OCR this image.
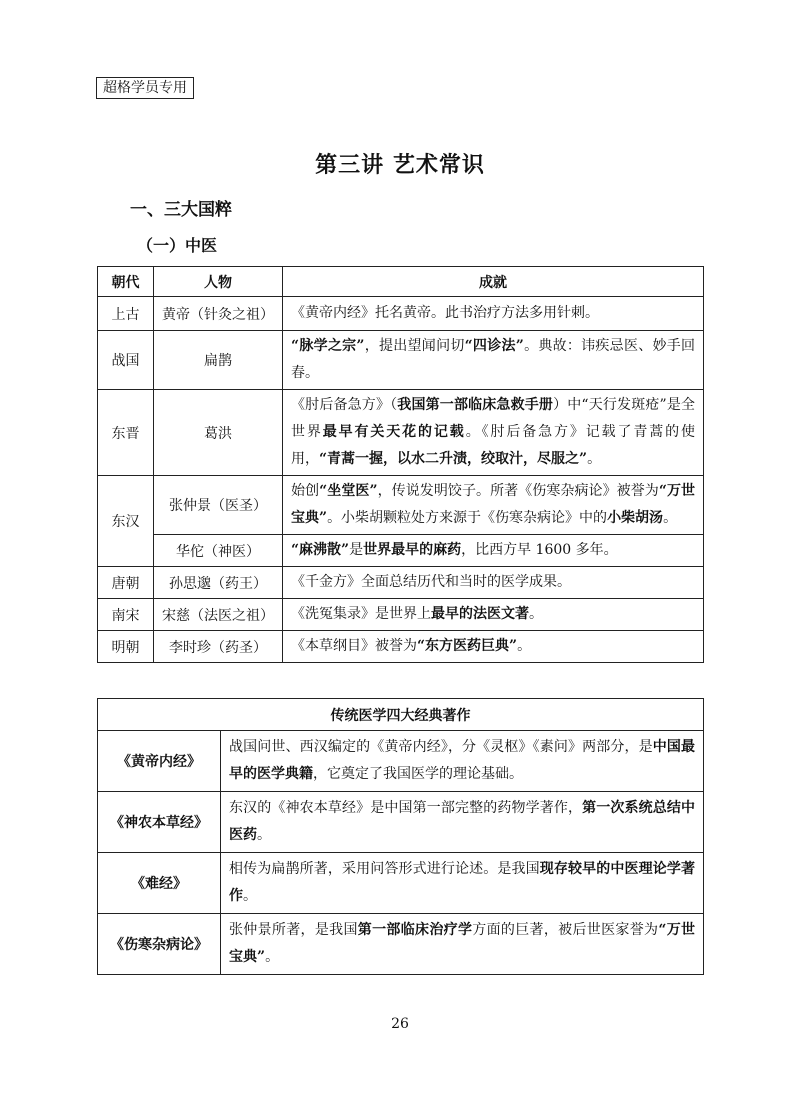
超格学员专用
第三讲 艺术常识
一、三大国粹
（一）中医
朝代	人物	成就
上古	黄帝（针灸之祖）	《黄帝内经》托名黄帝。此书治疗方法多用针刺。
战国	扁鹊	“脉学之宗”，提出望闻问切“四诊法”。典故：讳疾忌医、妙手回春。
东晋	葛洪	《肘后备急方》（我国第一部临床急救手册）中“天行发斑疮”是全世界最早有关天花的记载。《肘后备急方》记载了青蒿的使用，“青蒿一握，以水二升渍，绞取汁，尽服之”。
东汉	张仲景（医圣）	始创“坐堂医”，传说发明饺子。所著《伤寒杂病论》被誉为“万世宝典”。小柴胡颗粒处方来源于《伤寒杂病论》中的小柴胡汤。
	华佗（神医）	“麻沸散”是世界最早的麻药，比西方早 1600 多年。
唐朝	孙思邈（药王）	《千金方》全面总结历代和当时的医学成果。
南宋	宋慈（法医之祖）	《洗冤集录》是世界上最早的法医文著。
明朝	李时珍（药圣）	《本草纲目》被誉为“东方医药巨典”。
传统医学四大经典著作	
《黄帝内经》	战国问世、西汉编定的《黄帝内经》，分《灵枢》《素问》两部分，是中国最早的医学典籍，它奠定了我国医学的理论基础。
《神农本草经》	东汉的《神农本草经》是中国第一部完整的药物学著作，第一次系统总结中医药。
《难经》	相传为扁鹊所著，采用问答形式进行论述。是我国现存较早的中医理论学著作。
《伤寒杂病论》	张仲景所著，是我国第一部临床治疗学方面的巨著，被后世医家誉为“万世宝典”。
26
